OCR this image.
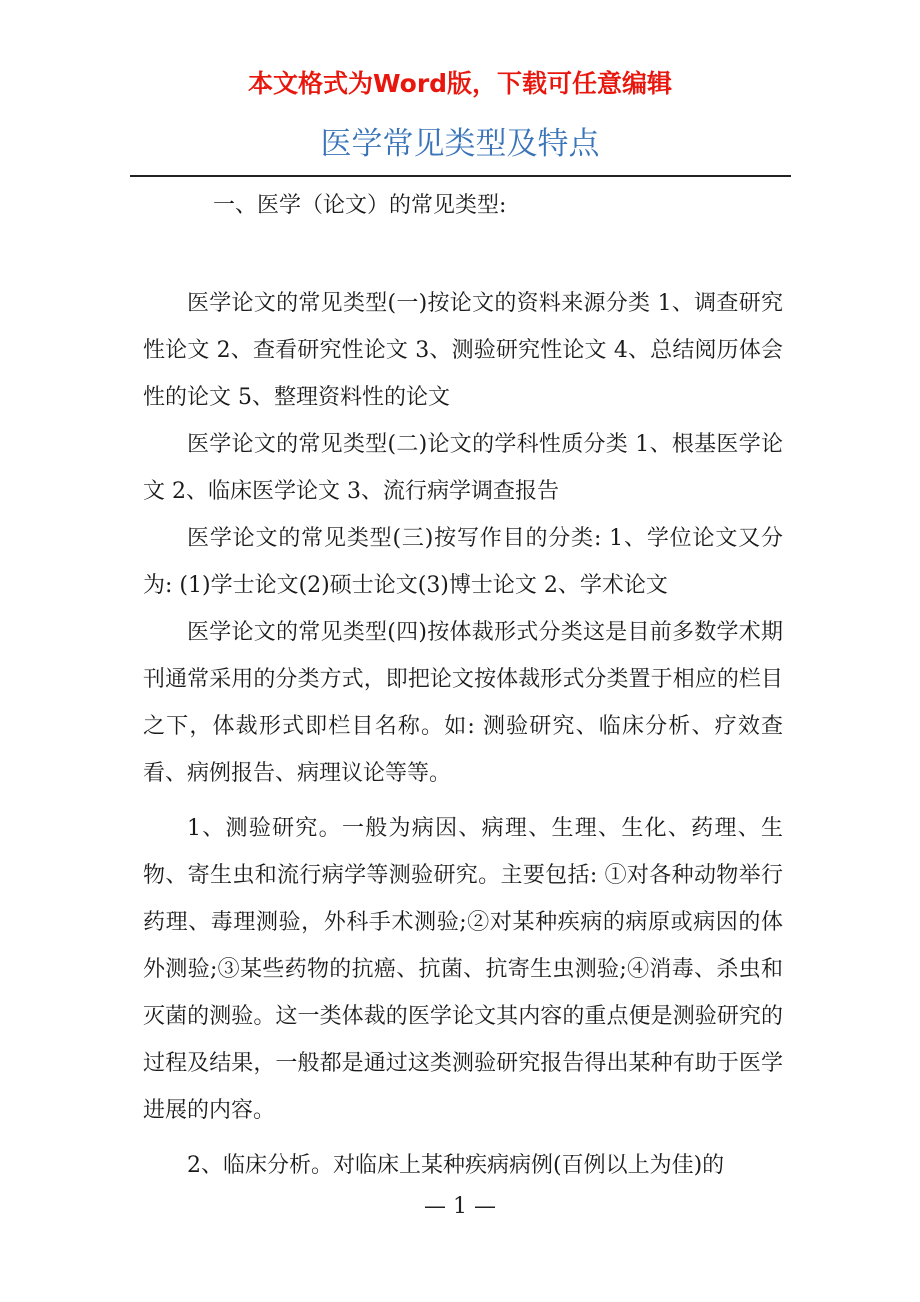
本文格式为Word版，下载可任意编辑
医学常见类型及特点

一、医学（论文）的常见类型:

医学论文的常见类型(一)按论文的资料来源分类 1、调查研究性论文 2、查看研究性论文 3、测验研究性论文 4、总结阅历体会性的论文 5、整理资料性的论文

医学论文的常见类型(二)论文的学科性质分类 1、根基医学论文 2、临床医学论文 3、流行病学调查报告

医学论文的常见类型(三)按写作目的分类: 1、学位论文又分为: (1)学士论文(2)硕士论文(3)博士论文 2、学术论文

医学论文的常见类型(四)按体裁形式分类这是目前多数学术期刊通常采用的分类方式，即把论文按体裁形式分类置于相应的栏目之下，体裁形式即栏目名称。如: 测验研究、临床分析、疗效查看、病例报告、病理议论等等。

1、测验研究。一般为病因、病理、生理、生化、药理、生物、寄生虫和流行病学等测验研究。主要包括: ①对各种动物举行药理、毒理测验，外科手术测验;②对某种疾病的病原或病因的体外测验;③某些药物的抗癌、抗菌、抗寄生虫测验;④消毒、杀虫和灭菌的测验。这一类体裁的医学论文其内容的重点便是测验研究的过程及结果，一般都是通过这类测验研究报告得出某种有助于医学进展的内容。

2、临床分析。对临床上某种疾病病例(百例以上为佳)的

— 1 —
